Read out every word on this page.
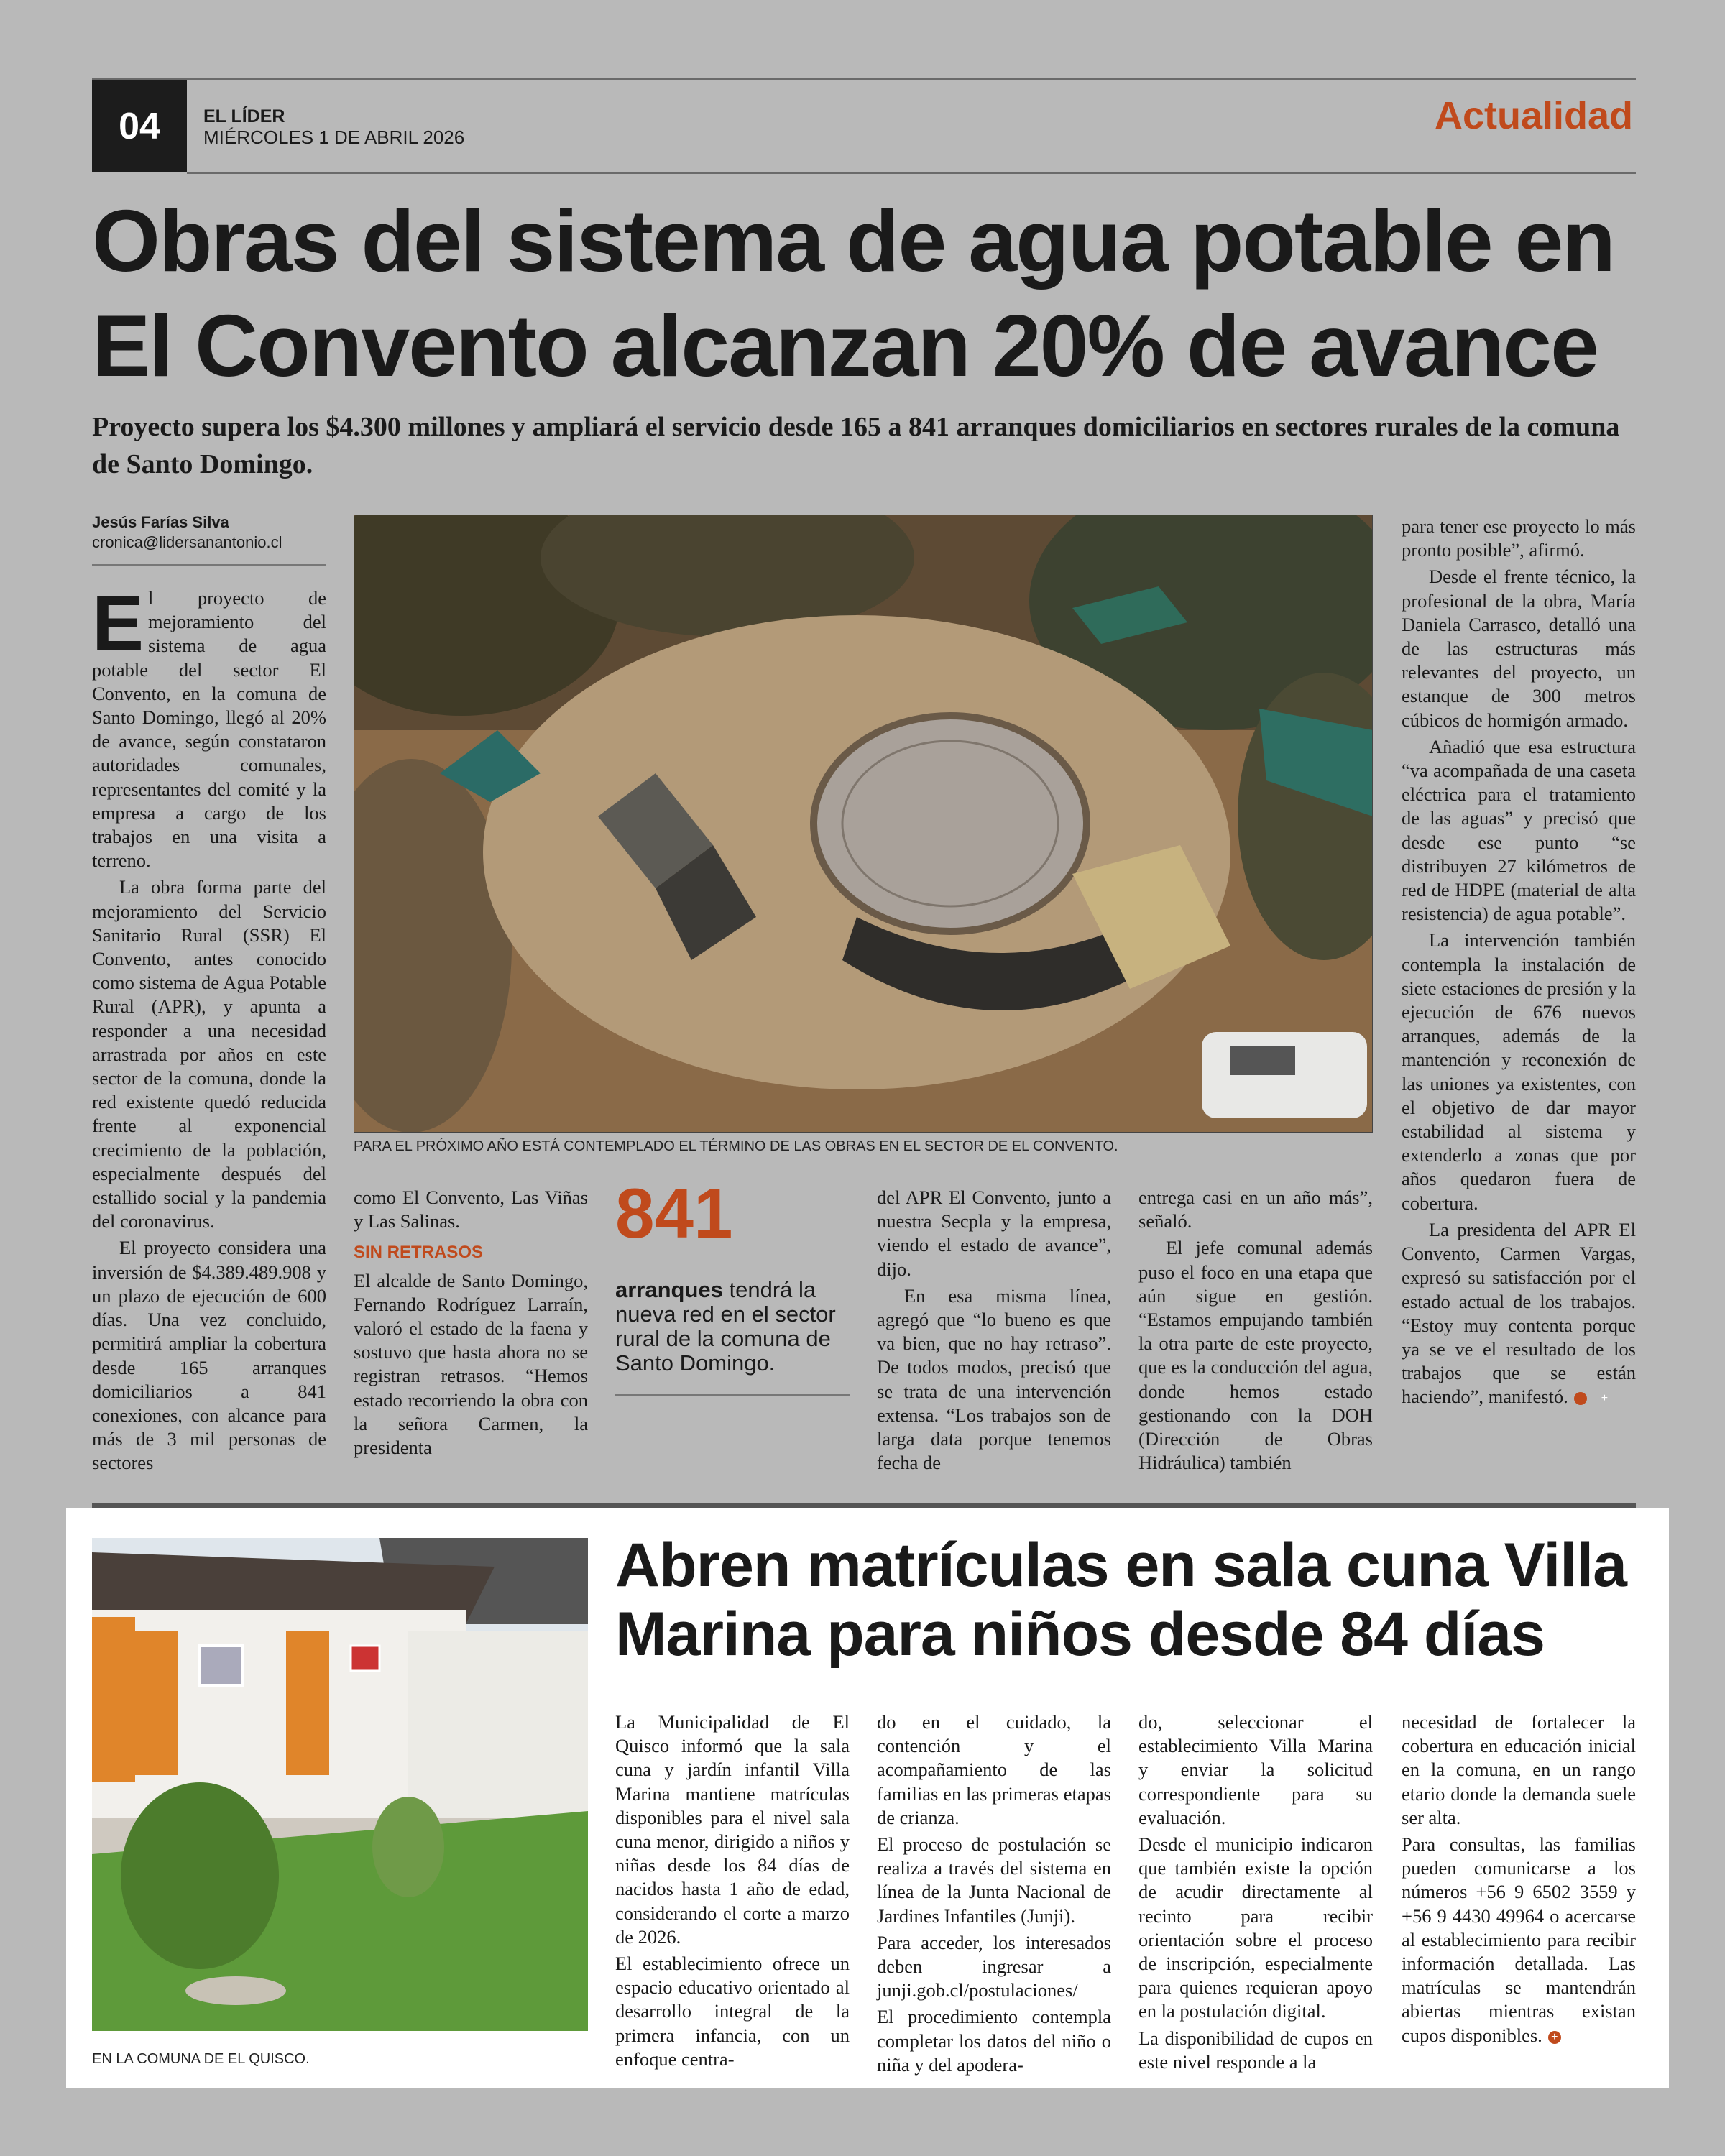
04	EL LÍDER
MIÉRCOLES 1 DE ABRIL 2026	Actualidad
Obras del sistema de agua potable en El Convento alcanzan 20% de avance
Proyecto supera los $4.300 millones y ampliará el servicio desde 165 a 841 arranques domiciliarios en sectores rurales de la comuna de Santo Domingo.
Jesús Farías Silva
cronica@lidersanantonio.cl
PARA EL PRÓXIMO AÑO ESTÁ CONTEMPLADO EL TÉRMINO DE LAS OBRAS EN EL SECTOR DE EL CONVENTO.

El proyecto de mejoramiento del sistema de agua potable del sector El Convento, en la comuna de Santo Domingo, llegó al 20% de avance, según constataron autoridades comunales, representantes del comité y la empresa a cargo de los trabajos en una visita a terreno.

La obra forma parte del mejoramiento del Servicio Sanitario Rural (SSR) El Convento, antes conocido como sistema de Agua Potable Rural (APR), y apunta a responder a una necesidad arrastrada por años en este sector de la comuna, donde la red existente quedó reducida frente al exponencial crecimiento de la población, especialmente después del estallido social y la pandemia del coronavirus.

El proyecto considera una inversión de $4.389.489.908 y un plazo de ejecución de 600 días. Una vez concluido, permitirá ampliar la cobertura desde 165 arranques domiciliarios a 841 conexiones, con alcance para más de 3 mil personas de sectores

como El Convento, Las Viñas y Las Salinas.

SIN RETRASOS

El alcalde de Santo Domingo, Fernando Rodríguez Larraín, valoró el estado de la faena y sostuvo que hasta ahora no se registran retrasos. “Hemos estado recorriendo la obra con la señora Carmen, la presidenta

841
arranques tendrá la nueva red en el sector rural de la comuna de Santo Domingo.

del APR El Convento, junto a nuestra Secpla y la empresa, viendo el estado de avance”, dijo.

En esa misma línea, agregó que “lo bueno es que va bien, que no hay retraso”. De todos modos, precisó que se trata de una intervención extensa. “Los trabajos son de larga data porque tenemos fecha de

entrega casi en un año más”, señaló.

El jefe comunal además puso el foco en una etapa que aún sigue en gestión. “Estamos empujando también la otra parte de este proyecto, que es la conducción del agua, donde hemos estado gestionando con la DOH (Dirección de Obras Hidráulica) también

para tener ese proyecto lo más pronto posible”, afirmó.

Desde el frente técnico, la profesional de la obra, María Daniela Carrasco, detalló una de las estructuras más relevantes del proyecto, un estanque de 300 metros cúbicos de hormigón armado.

Añadió que esa estructura “va acompañada de una caseta eléctrica para el tratamiento de las aguas” y precisó que desde ese punto “se distribuyen 27 kilómetros de red de HDPE (material de alta resistencia) de agua potable”.

La intervención también contempla la instalación de siete estaciones de presión y la ejecución de 676 nuevos arranques, además de la mantención y reconexión de las uniones ya existentes, con el objetivo de dar mayor estabilidad al sistema y extenderlo a zonas que por años quedaron fuera de cobertura.

La presidenta del APR El Convento, Carmen Vargas, expresó su satisfacción por el estado actual de los trabajos. “Estoy muy contenta porque ya se ve el resultado de los trabajos que se están haciendo”, manifestó.	+

EN LA COMUNA DE EL QUISCO.
Abren matrículas en sala cuna Villa Marina para niños desde 84 días

La Municipalidad de El Quisco informó que la sala cuna y jardín infantil Villa Marina mantiene matrículas disponibles para el nivel sala cuna menor, dirigido a niños y niñas desde los 84 días de nacidos hasta 1 año de edad, considerando el corte a marzo de 2026.

El establecimiento ofrece un espacio educativo orientado al desarrollo integral de la primera infancia, con un enfoque centra-

do en el cuidado, la contención y el acompañamiento de las familias en las primeras etapas de crianza.

El proceso de postulación se realiza a través del sistema en línea de la Junta Nacional de Jardines Infantiles (Junji).

Para acceder, los interesados deben ingresar a junji.gob.cl/postulaciones/

El procedimiento contempla completar los datos del niño o niña y del apodera-

do, seleccionar el establecimiento Villa Marina y enviar la solicitud correspondiente para su evaluación.

Desde el municipio indicaron que también existe la opción de acudir directamente al recinto para recibir orientación sobre el proceso de inscripción, especialmente para quienes requieran apoyo en la postulación digital.

La disponibilidad de cupos en este nivel responde a la

necesidad de fortalecer la cobertura en educación inicial en la comuna, en un rango etario donde la demanda suele ser alta.

Para consultas, las familias pueden comunicarse a los números +56 9 6502 3559 y +56 9 4430 49964 o acercarse al establecimiento para recibir información detallada. Las matrículas se mantendrán abiertas mientras existan cupos disponibles. +
